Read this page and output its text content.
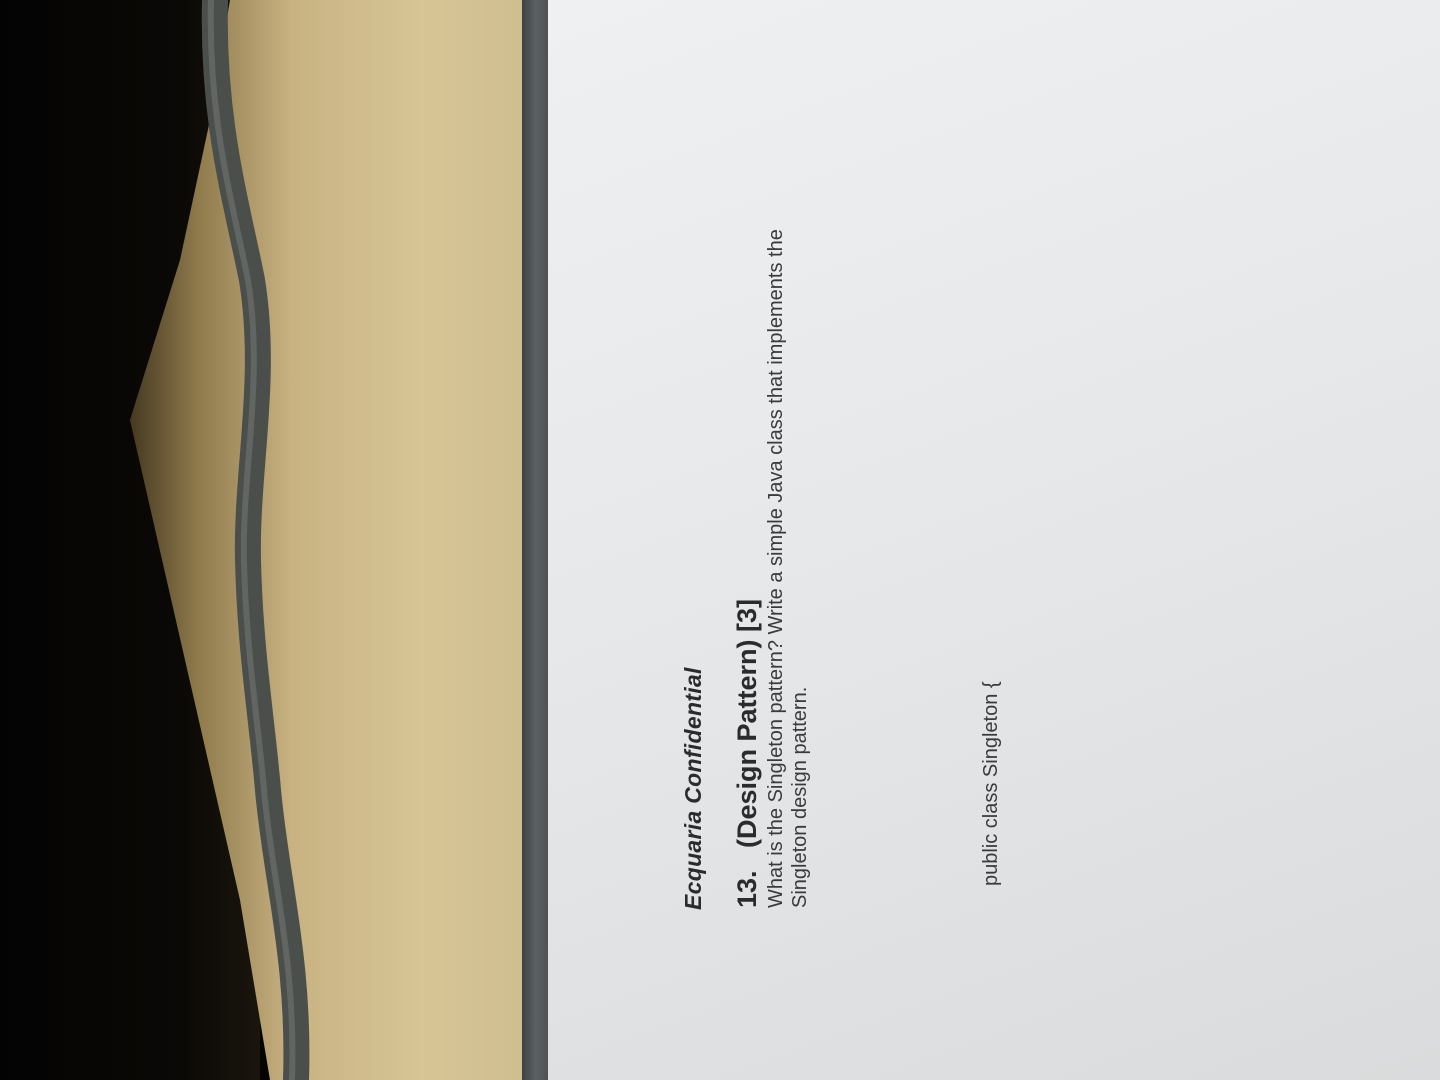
Ecquaria Confidential 13.(Design Pattern) [3] What is the Singleton pattern? Write a simple Java class that implements the Singleton design pattern.	public class Singleton {
